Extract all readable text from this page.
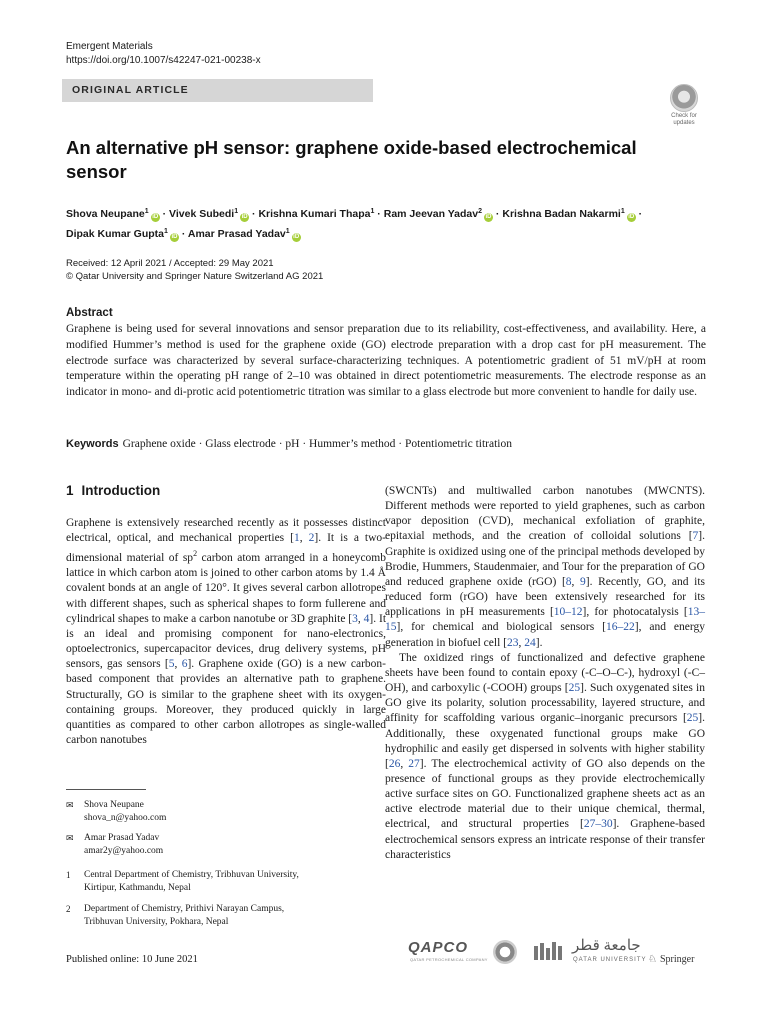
Emergent Materials
https://doi.org/10.1007/s42247-021-00238-x
ORIGINAL ARTICLE
Check for
updates
An alternative pH sensor: graphene oxide-based electrochemical sensor
Shova Neupane$^1$iD · Vivek Subedi$^1$iD · Krishna Kumari Thapa$^1$ · Ram Jeevan Yadav$^2$iD · Krishna Badan Nakarmi$^1$iD ·
Dipak Kumar Gupta$^1$iD · Amar Prasad Yadav$^1$iD
Received: 12 April 2021 / Accepted: 29 May 2021
© Qatar University and Springer Nature Switzerland AG 2021
Abstract
Graphene is being used for several innovations and sensor preparation due to its reliability, cost-effectiveness, and availability. Here, a modified Hummer’s method is used for the graphene oxide (GO) electrode preparation with a drop cast for pH measurement. The electrode surface was characterized by several surface-characterizing techniques. A potentiometric gradient of 51 mV/pH at room temperature within the operating pH range of 2–10 was obtained in direct potentiometric measurements. The electrode response as an indicator in mono- and di-protic acid potentiometric titration was similar to a glass electrode but more convenient to handle for daily use.
Keywords Graphene oxide · Glass electrode · pH · Hummer’s method · Potentiometric titration
1 Introduction

Graphene is extensively researched recently as it possesses distinct electrical, optical, and mechanical properties [1, 2]. It is a two-dimensional material of $sp^2$ carbon atom arranged in a honeycomb lattice in which carbon atom is joined to other carbon atoms by 1.4 Å covalent bonds at an angle of 120°. It gives several carbon allotropes with different shapes, such as spherical shapes to form fullerene and cylindrical shapes to make a carbon nanotube or 3D graphite [3, 4]. It is an ideal and promising component for nano-electronics, optoelectronics, supercapacitor devices, drug delivery systems, pH sensors, gas sensors [5, 6]. Graphene oxide (GO) is a new carbon-based component that provides an alternative path to graphene. Structurally, GO is similar to the graphene sheet with its oxygen-containing groups. Moreover, they produced quickly in large quantities as compared to other carbon allotropes as single-walled carbon nanotubes

(SWCNTs) and multiwalled carbon nanotubes (MWCNTS). Different methods were reported to yield graphenes, such as carbon vapor deposition (CVD), mechanical exfoliation of graphite, epitaxial methods, and the creation of colloidal solutions [7]. Graphite is oxidized using one of the principal methods developed by Brodie, Hummers, Staudenmaier, and Tour for the preparation of GO and reduced graphene oxide (rGO) [8, 9]. Recently, GO, and its reduced form (rGO) have been extensively researched for its applications in pH measurements [10–12], for photocatalysis [13–15], for chemical and biological sensors [16–22], and energy generation in biofuel cell [23, 24].

The oxidized rings of functionalized and defective graphene sheets have been found to contain epoxy (-C–O–C-), hydroxyl (-C–OH), and carboxylic (-COOH) groups [25]. Such oxygenated sites in GO give its polarity, solution processability, layered structure, and affinity for scaffolding various organic–inorganic precursors [25]. Additionally, these oxygenated functional groups make GO hydrophilic and easily get dispersed in solvents with higher stability [26, 27]. The electrochemical activity of GO also depends on the presence of functional groups as they provide electrochemically active surface sites on GO. Functionalized graphene sheets act as an active electrode material due to their unique chemical, thermal, electrical, and structural properties [27–30]. Graphene-based electrochemical sensors express an intricate response of their transfer characteristics

✉	Shova Neupane
shova_n@yahoo.com
✉	Amar Prasad Yadav
amar2y@yahoo.com
1	Central Department of Chemistry, Tribhuvan University,
Kirtipur, Kathmandu, Nepal
2	Department of Chemistry, Prithivi Narayan Campus,
Tribhuvan University, Pokhara, Nepal
Published online: 10 June 2021
QAPCO
QATAR PETROCHEMICAL COMPANY
جامعة قطر
QATAR UNIVERSITY ♘ Springer
